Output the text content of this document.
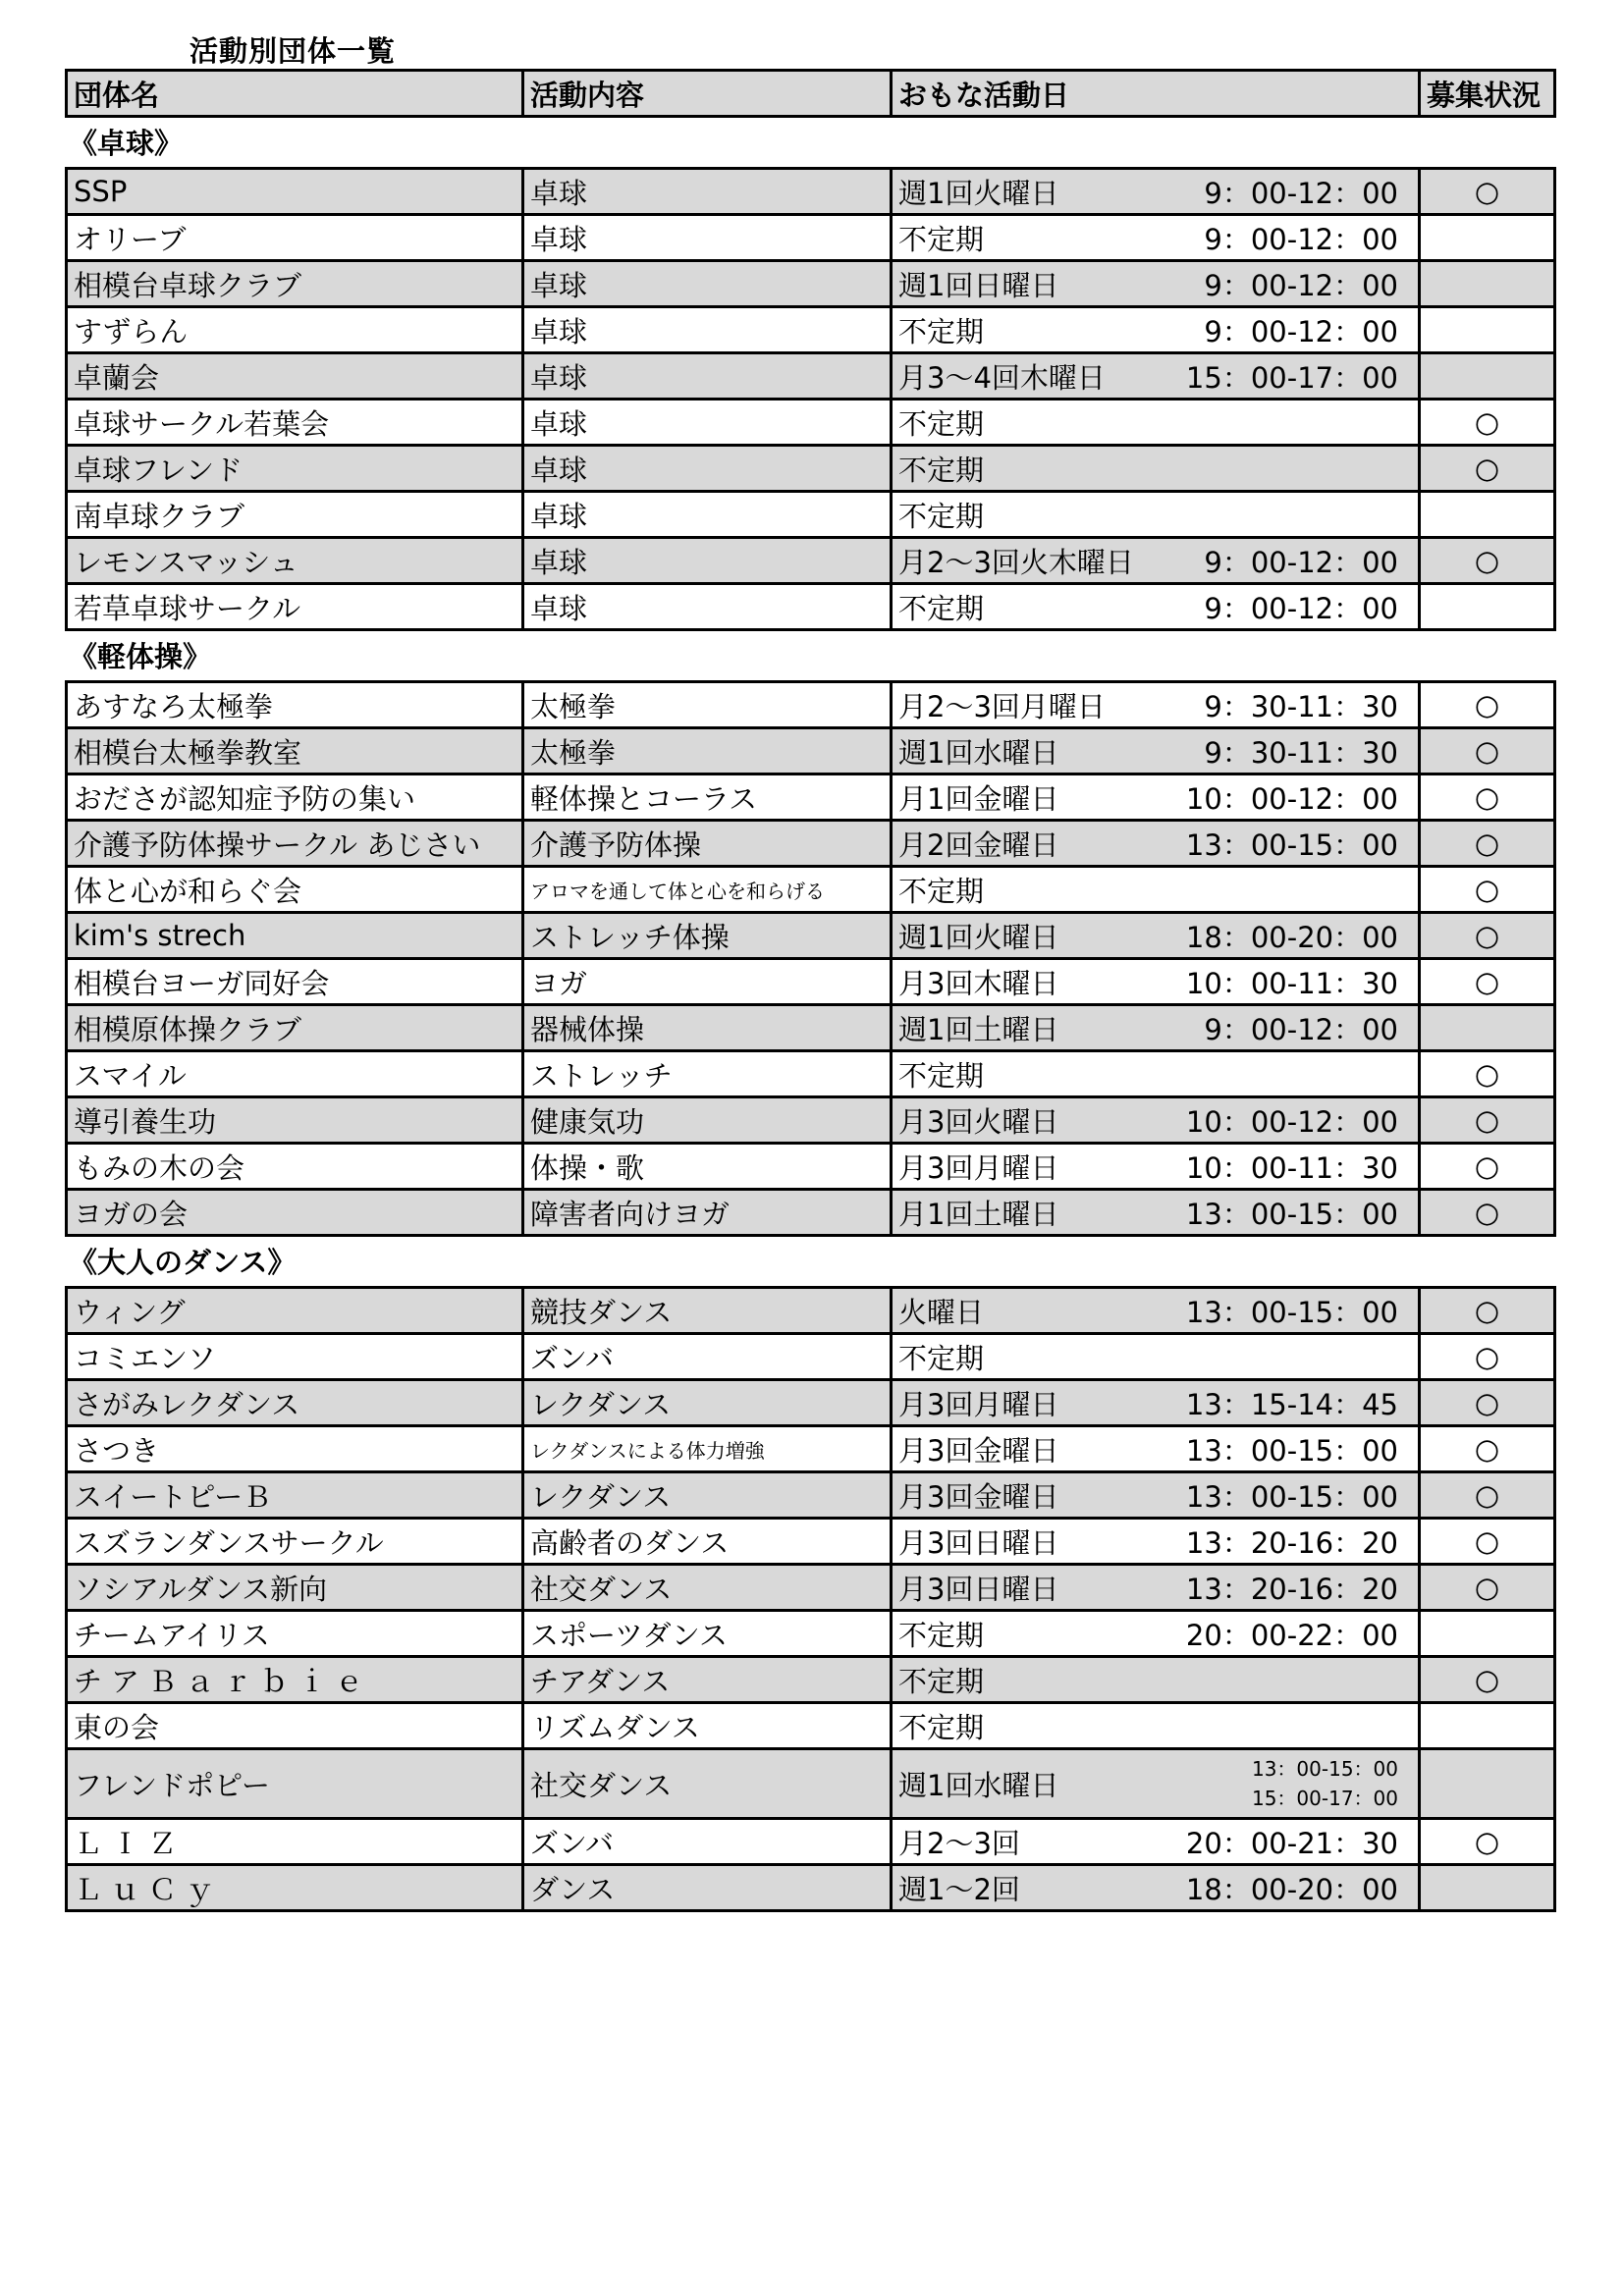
活動別団体一覧
団体名	活動内容	おもな活動日	募集状況
《卓球》
SSP	卓球	週1回火曜日 9：00-12：00	○
オリーブ	卓球	不定期 9：00-12：00	

相模台卓球クラブ	卓球	週1回日曜日 9：00-12：00	

すずらん	卓球	不定期 9：00-12：00	

卓蘭会	卓球	月3～4回木曜日 15：00-17：00	

卓球サークル若葉会	卓球	不定期	○
卓球フレンド	卓球	不定期	○
南卓球クラブ	卓球	不定期	

レモンスマッシュ	卓球	月2～3回火木曜日 9：00-12：00	○
若草卓球サークル	卓球	不定期 9：00-12：00	

《軽体操》
あすなろ太極拳	太極拳	月2～3回月曜日 9：30-11：30	○
相模台太極拳教室	太極拳	週1回水曜日 9：30-11：30	○
おださが認知症予防の集い	軽体操とコーラス	月1回金曜日 10：00-12：00	○
介護予防体操サークル あじさい	介護予防体操	月2回金曜日 13：00-15：00	○
体と心が和らぐ会	アロマを通して体と心を和らげる	不定期	○
kim's strech	ストレッチ体操	週1回火曜日 18：00-20：00	○
相模台ヨーガ同好会	ヨガ	月3回木曜日 10：00-11：30	○
相模原体操クラブ	器械体操	週1回土曜日 9：00-12：00	

スマイル	ストレッチ	不定期	○
導引養生功	健康気功	月3回火曜日 10：00-12：00	○
もみの木の会	体操・歌	月3回月曜日 10：00-11：30	○
ヨガの会	障害者向けヨガ	月1回土曜日 13：00-15：00	○
《大人のダンス》
ウィング	競技ダンス	火曜日 13：00-15：00	○
コミエンソ	ズンバ	不定期	○
さがみレクダンス	レクダンス	月3回月曜日 13：15-14：45	○
さつき	レクダンスによる体力増強	月3回金曜日 13：00-15：00	○
スイートピーＢ	レクダンス	月3回金曜日 13：00-15：00	○
スズランダンスサークル	高齢者のダンス	月3回日曜日 13：20-16：20	○
ソシアルダンス新向	社交ダンス	月3回日曜日 13：20-16：20	○
チームアイリス	スポーツダンス	不定期 20：00-22：00	

チアＢａｒｂｉｅ	チアダンス	不定期	○
東の会	リズムダンス	不定期	

フレンドポピー	社交ダンス	週1回水曜日 13：00-15：00
15：00-17：00	

ＬＩＺ	ズンバ	月2～3回 20：00-21：30	○
ＬｕＣｙ	ダンス	週1～2回 18：00-20：00	
